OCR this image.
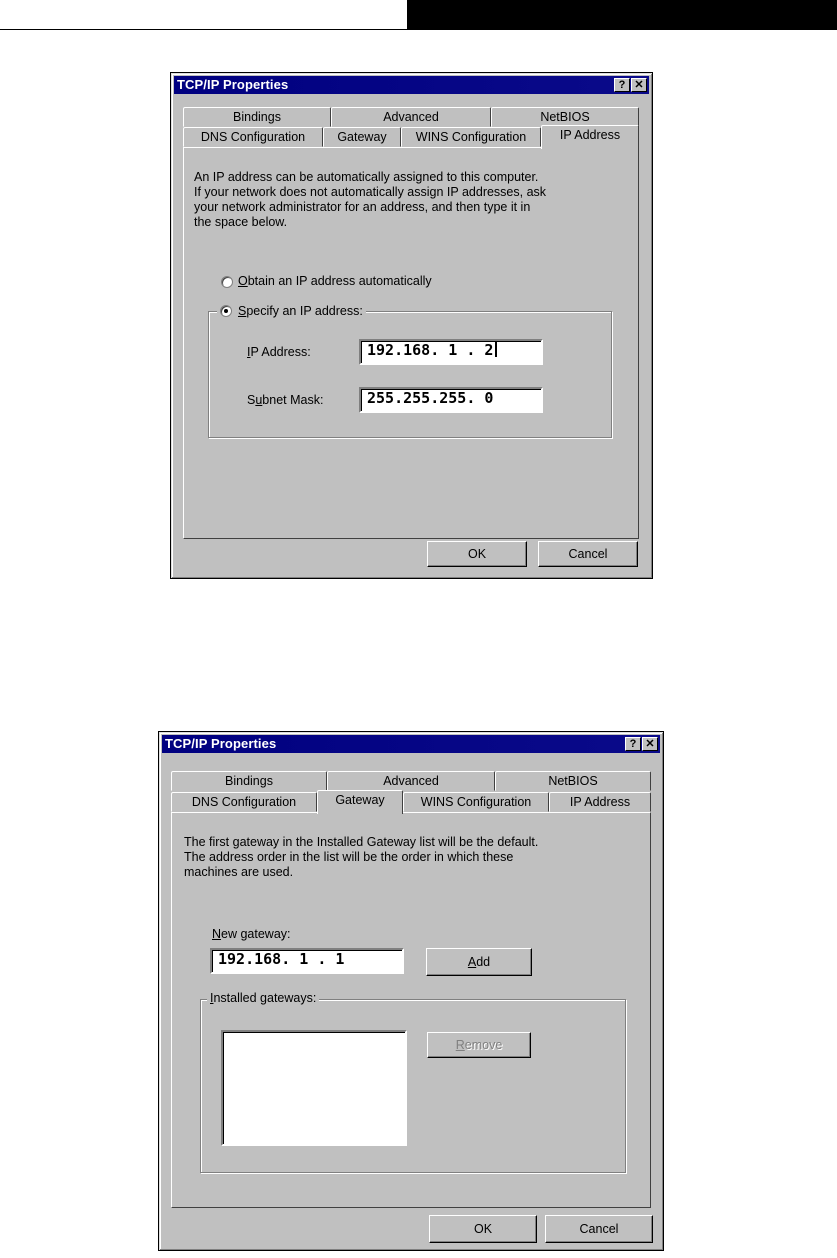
TCP/IP Properties	? ✕
Bindings	Advanced	NetBIOS
DNS Configuration	Gateway	WINS Configuration	IP Address
An IP address can be automatically assigned to this computer.
If your network does not automatically assign IP addresses, ask
your network administrator for an address, and then type it in
the space below.
Obtain an IP address automatically
Specify an IP address:
IP Address:	192.168. 1 . 2
Subnet Mask:	255.255.255. 0
OK	Cancel
TCP/IP Properties	? ✕
Bindings	Advanced	NetBIOS
DNS Configuration	Gateway	WINS Configuration	IP Address
The first gateway in the Installed Gateway list will be the default.
The address order in the list will be the order in which these
machines are used.
New gateway:
192.168. 1 . 1	Add
Installed gateways:
Remove
OK	Cancel
